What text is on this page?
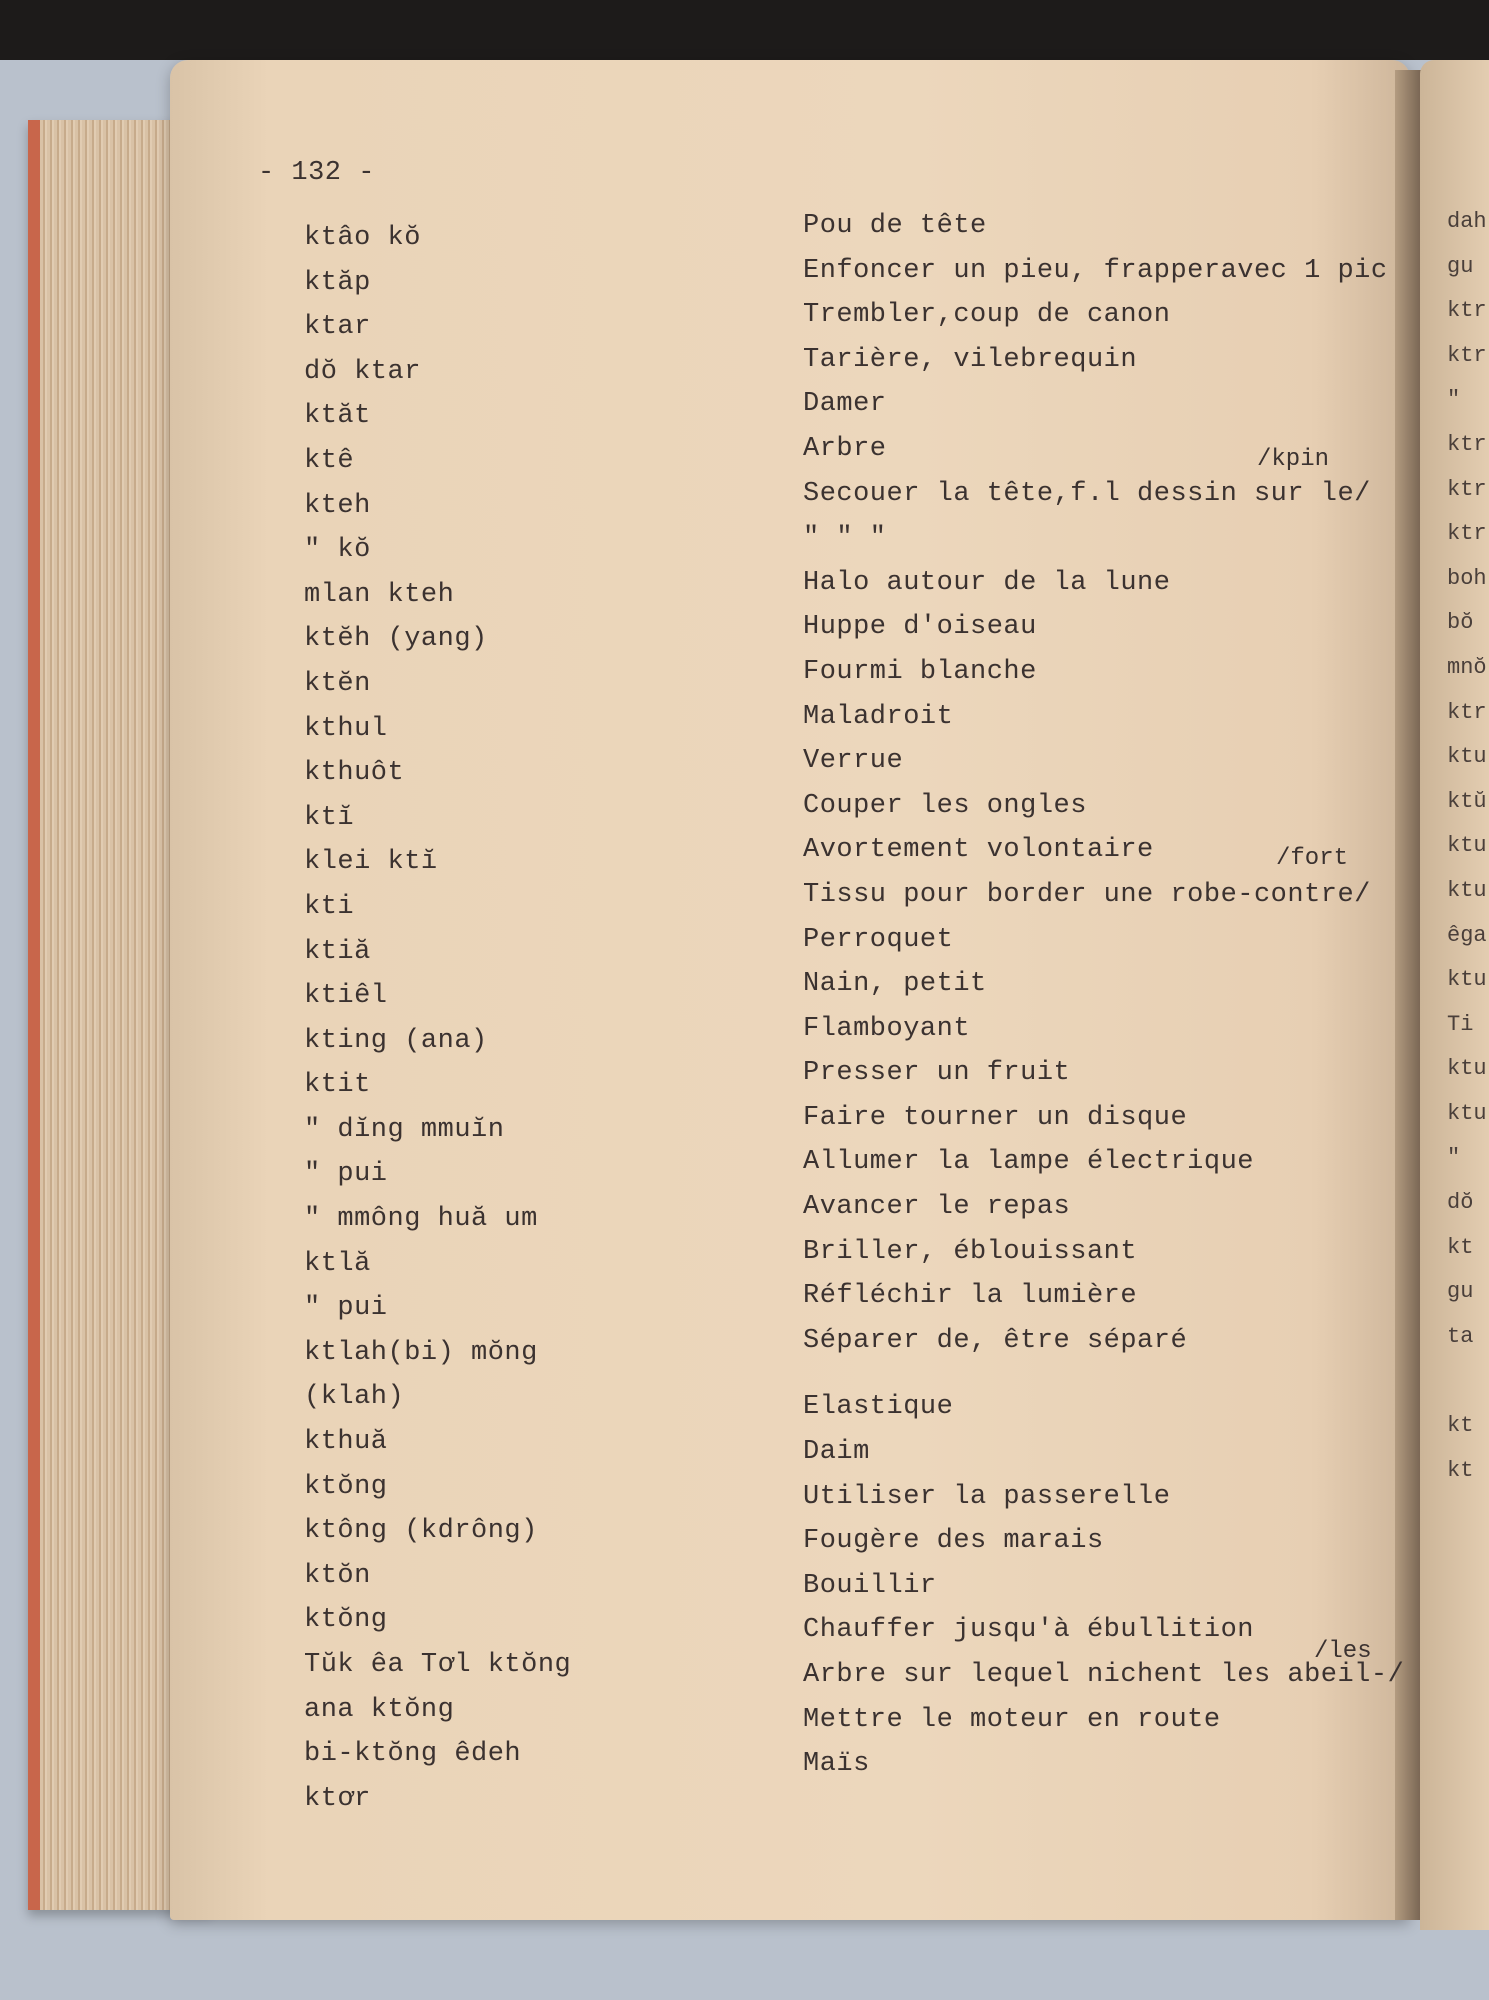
- 132 -
ktâo kŏ
ktăp
ktar
dŏ ktar
ktăt
ktê
kteh
" kŏ
mlan kteh
ktĕh (yang)
ktĕn
kthul
kthuôt
ktĭ
klei ktĭ
kti
ktiă
ktiêl
kting (ana)
ktit
" dĭng mmuĭn
" pui
" mmông huă um
ktlă
" pui
ktlah(bi) mŏng
(klah)
kthuă
ktŏng
ktông (kdrông)
ktŏn
ktŏng
Tŭk êa Tơl ktŏng
ana ktŏng
bi-ktŏng êdeh
ktơr
Pou de tête
Enfoncer un pieu, frapperavec 1 pic
Trembler,coup de canon
Tarière, vilebrequin
Damer
Arbre
Secouer la tête,f.l dessin sur le/
" " "
Halo autour de la lune
Huppe d'oiseau
Fourmi blanche
Maladroit
Verrue
Couper les ongles
Avortement volontaire
Tissu pour border une robe-contre/
Perroquet
Nain, petit
Flamboyant
Presser un fruit
Faire tourner un disque
Allumer la lampe électrique
Avancer le repas
Briller, éblouissant
Réfléchir la lumière
Séparer de, être séparé
Elastique
Daim
Utiliser la passerelle
Fougère des marais
Bouillir
Chauffer jusqu'à ébullition
Arbre sur lequel nichent les abeil-/
Mettre le moteur en route
Maïs
/kpin
/fort
/les
dah
gu
ktr
ktr
"
ktr
ktr
ktr
boh
bŏ
mnŏ
ktr
ktu
ktŭ
ktu
ktu
êga
ktu
Ti
ktu
ktu
"
dŏ
kt
gu
ta
kt
kt
